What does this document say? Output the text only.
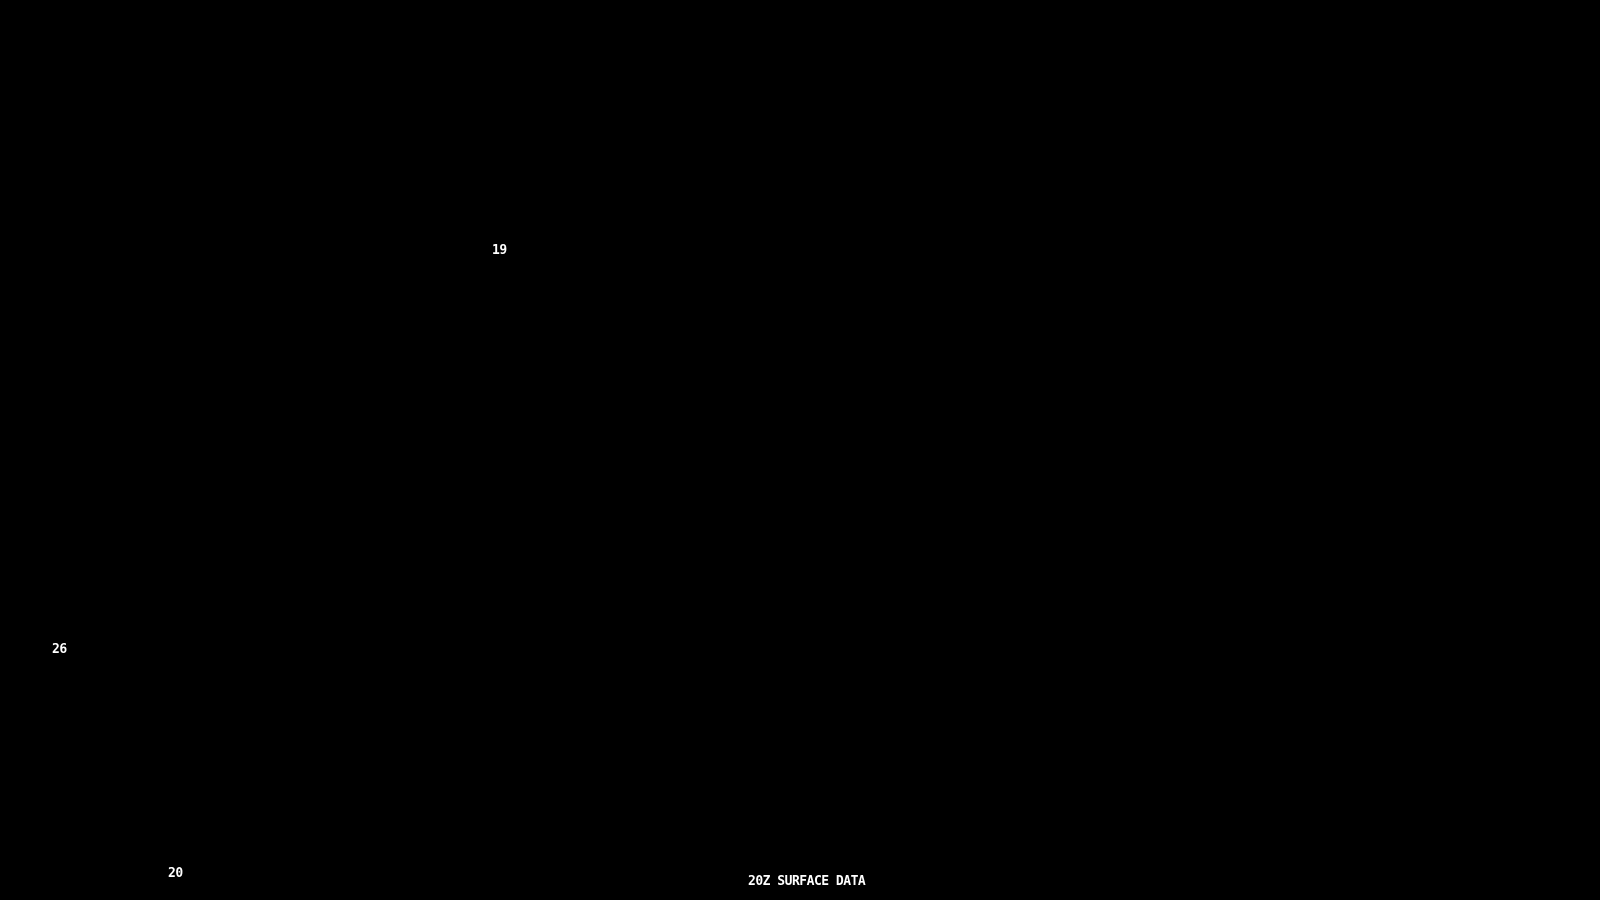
19
26
20
20Z SURFACE DATA
